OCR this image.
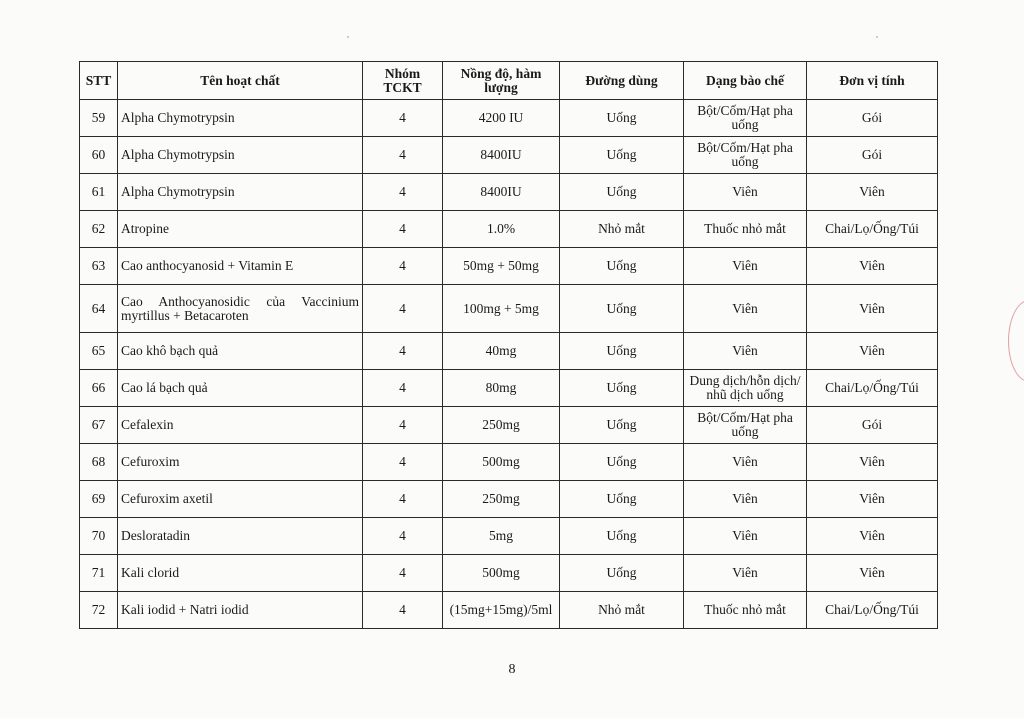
STT	Tên hoạt chất	Nhóm TCKT	Nồng độ, hàm lượng	Đường dùng	Dạng bào chế	Đơn vị tính
59	Alpha Chymotrypsin	4	4200 IU	Uống	Bột/Cốm/Hạt pha uống	Gói
60	Alpha Chymotrypsin	4	8400IU	Uống	Bột/Cốm/Hạt pha uống	Gói
61	Alpha Chymotrypsin	4	8400IU	Uống	Viên	Viên
62	Atropine	4	1.0%	Nhỏ mắt	Thuốc nhỏ mắt	Chai/Lọ/Ống/Túi
63	Cao anthocyanosid + Vitamin E	4	50mg + 50mg	Uống	Viên	Viên
64	Cao Anthocyanosidic của Vaccinium myrtillus + Betacaroten	4	100mg + 5mg	Uống	Viên	Viên
65	Cao khô bạch quả	4	40mg	Uống	Viên	Viên
66	Cao lá bạch quả	4	80mg	Uống	Dung dịch/hỗn dịch/ nhũ dịch uống	Chai/Lọ/Ống/Túi
67	Cefalexin	4	250mg	Uống	Bột/Cốm/Hạt pha uống	Gói
68	Cefuroxim	4	500mg	Uống	Viên	Viên
69	Cefuroxim axetil	4	250mg	Uống	Viên	Viên
70	Desloratadin	4	5mg	Uống	Viên	Viên
71	Kali clorid	4	500mg	Uống	Viên	Viên
72	Kali iodid + Natri iodid	4	(15mg+15mg)/5ml	Nhỏ mắt	Thuốc nhỏ mắt	Chai/Lọ/Ống/Túi
8
